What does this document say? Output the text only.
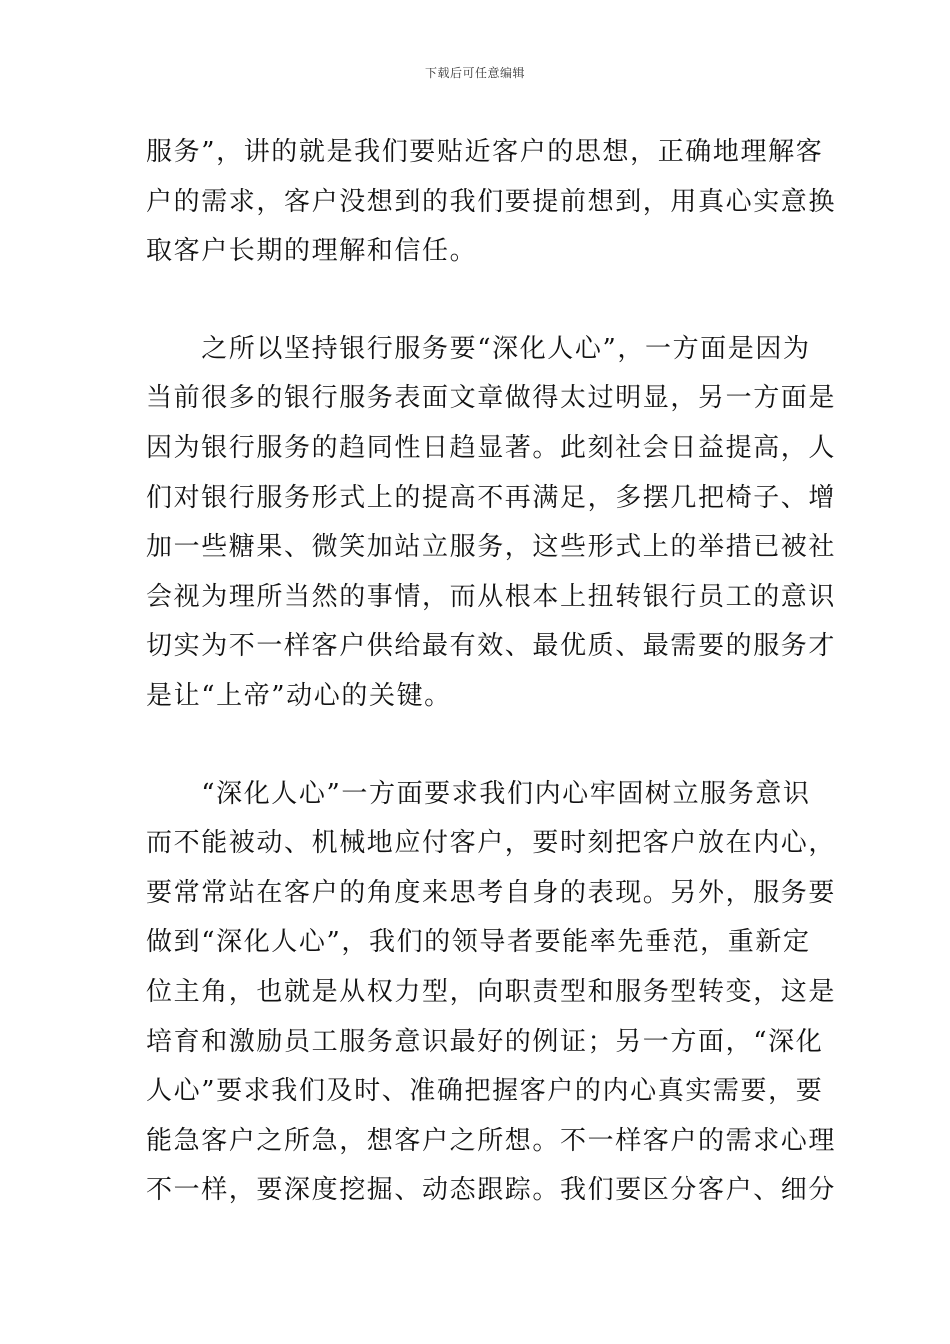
下载后可任意编辑
服务”，讲的就是我们要贴近客户的思想，正确地理解客
户的需求，客户没想到的我们要提前想到，用真心实意换
取客户长期的理解和信任。
　　之所以坚持银行服务要“深化人心”，一方面是因为
当前很多的银行服务表面文章做得太过明显，另一方面是
因为银行服务的趋同性日趋显著。此刻社会日益提高，人
们对银行服务形式上的提高不再满足，多摆几把椅子、增
加一些糖果、微笑加站立服务，这些形式上的举措已被社
会视为理所当然的事情，而从根本上扭转银行员工的意识
切实为不一样客户供给最有效、最优质、最需要的服务才
是让“上帝”动心的关键。
　　“深化人心”一方面要求我们内心牢固树立服务意识
而不能被动、机械地应付客户，要时刻把客户放在内心，
要常常站在客户的角度来思考自身的表现。另外，服务要
做到“深化人心”，我们的领导者要能率先垂范，重新定
位主角，也就是从权力型，向职责型和服务型转变，这是
培育和激励员工服务意识最好的例证；另一方面，“深化
人心”要求我们及时、准确把握客户的内心真实需要，要
能急客户之所急，想客户之所想。不一样客户的需求心理
不一样，要深度挖掘、动态跟踪。我们要区分客户、细分
